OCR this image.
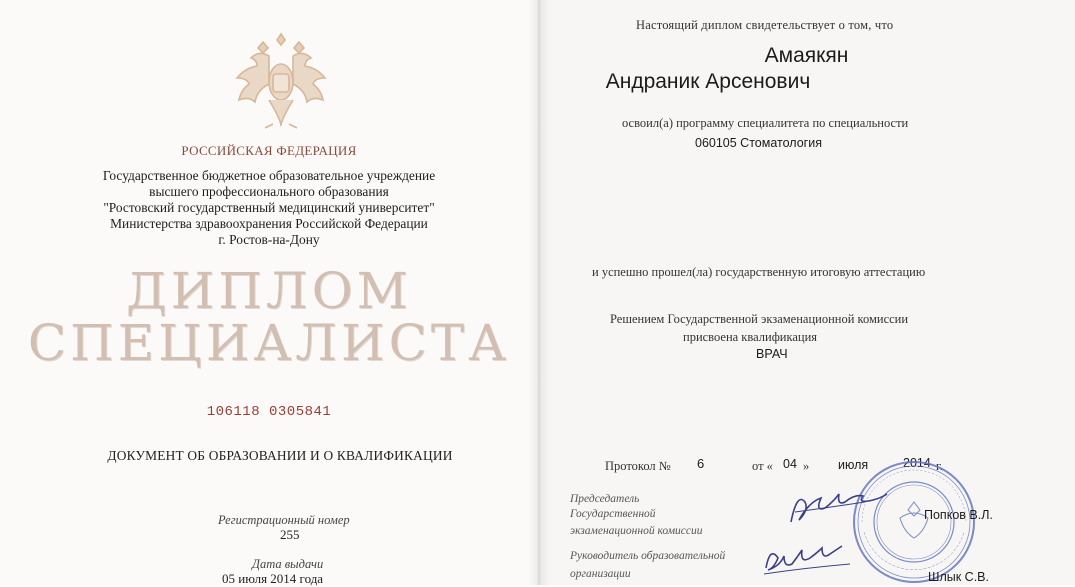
РОССИЙСКАЯ ФЕДЕРАЦИЯ
Государственное бюджетное образовательное учреждение
высшего профессионального образования
"Ростовский государственный медицинский университет"
Министерства здравоохранения Российской Федерации
г. Ростов-на-Дону
ДИПЛОМ
СПЕЦИАЛИСТА
106118 0305841
ДОКУМЕНТ ОБ ОБРАЗОВАНИИ И О КВАЛИФИКАЦИИ
Регистрационный номер
255
Дата выдачи
05 июля 2014 года
Настоящий диплом свидетельствует о том, что
Амаякян
Андраник Арсенович
освоил(а) программу специалитета по специальности
060105 Стоматология
и успешно прошел(ла) государственную итоговую аттестацию
Решением Государственной экзаменационной комиссии
присвоена квалификация
ВРАЧ
Протокол № 6	от « 04 » июля	2014 г.
Председатель
Государственной
экзаменационной комиссии
Руководитель образовательной
организации
Попков В.Л.
Шлык С.В.
